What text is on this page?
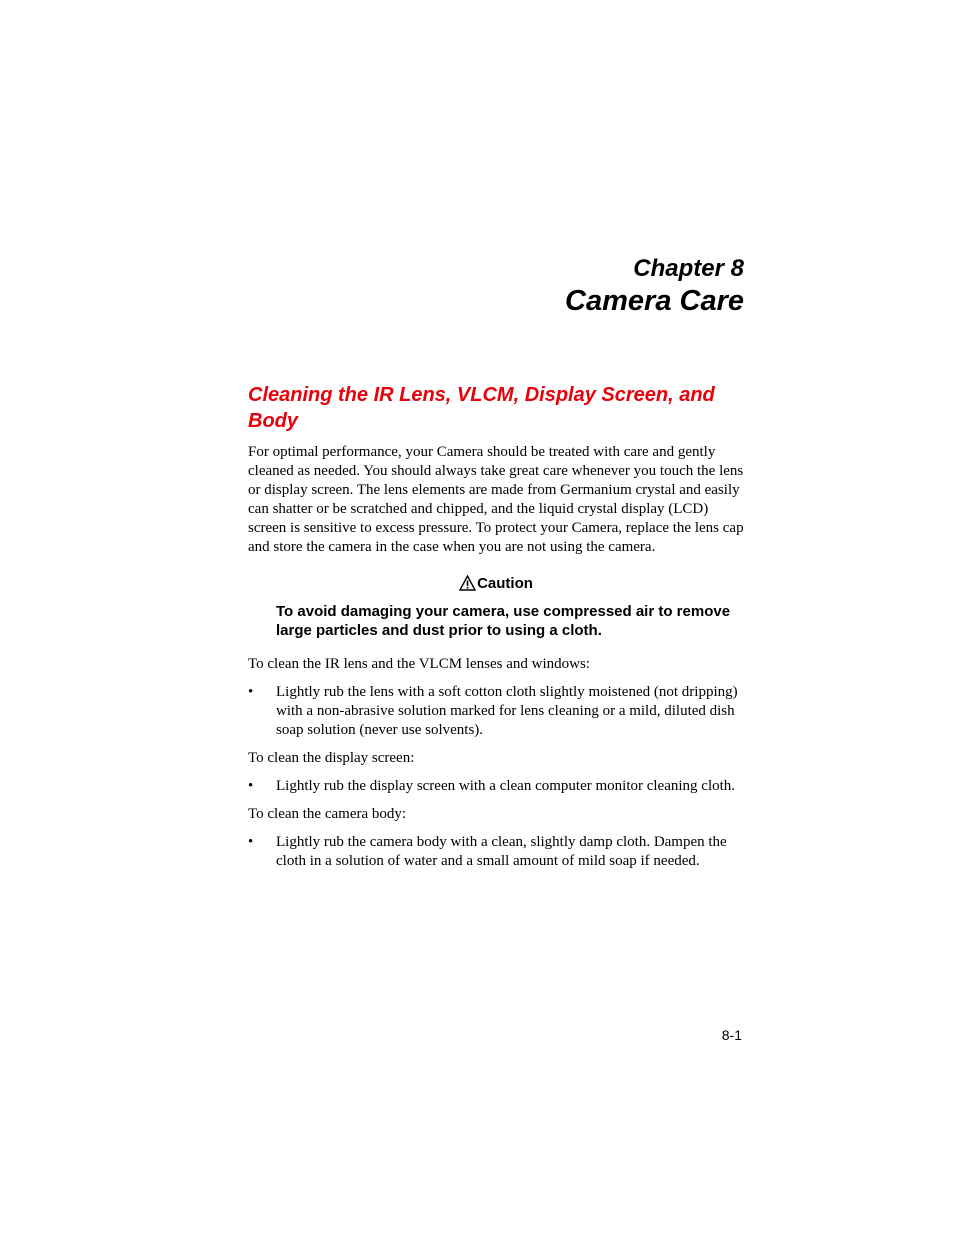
Chapter 8
Camera Care
Cleaning the IR Lens, VLCM, Display Screen, and Body

For optimal performance, your Camera should be treated with care and gently cleaned as needed. You should always take great care whenever you touch the lens or display screen. The lens elements are made from Germanium crystal and easily can shatter or be scratched and chipped, and the liquid crystal display (LCD) screen is sensitive to excess pressure. To protect your Camera, replace the lens cap and store the camera in the case when you are not using the camera.

Caution

To avoid damaging your camera, use compressed air to remove large particles and dust prior to using a cloth.

To clean the IR lens and the VLCM lenses and windows:

• Lightly rub the lens with a soft cotton cloth slightly moistened (not dripping) with a non-abrasive solution marked for lens cleaning or a mild, diluted dish soap solution (never use solvents).

To clean the display screen:

• Lightly rub the display screen with a clean computer monitor cleaning cloth.

To clean the camera body:

• Lightly rub the camera body with a clean, slightly damp cloth. Dampen the cloth in a solution of water and a small amount of mild soap if needed.
8-1
